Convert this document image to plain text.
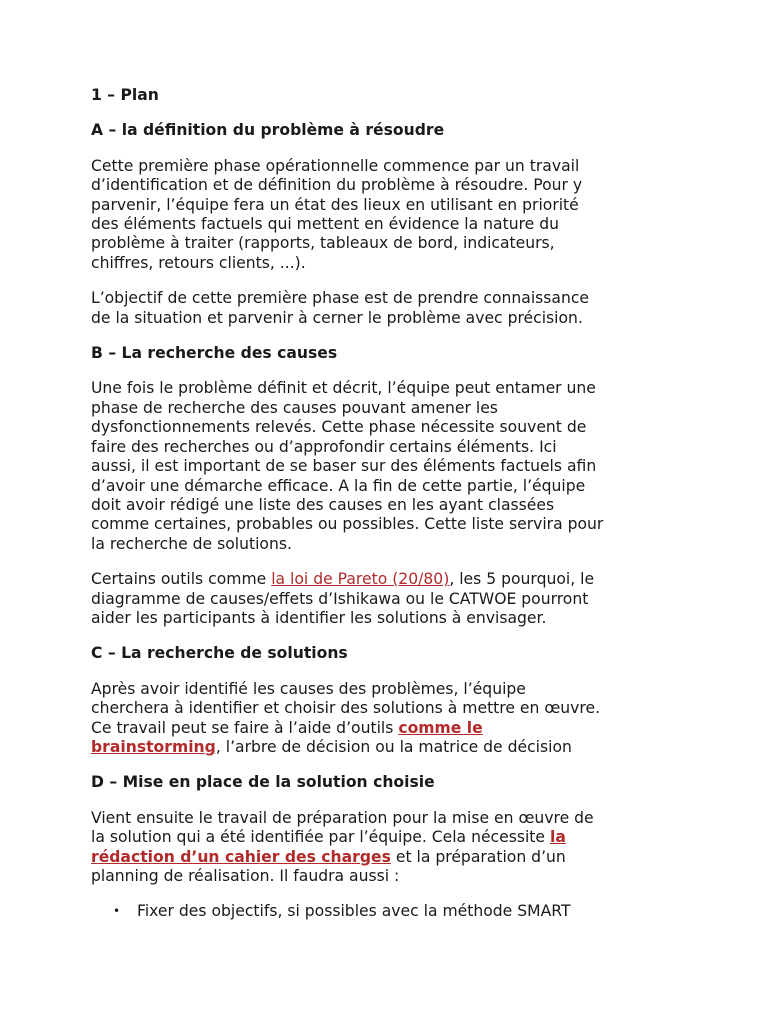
1 – Plan
A – la définition du problème à résoudre

Cette première phase opérationnelle commence par un travail
d’identification et de définition du problème à résoudre. Pour y
parvenir, l’équipe fera un état des lieux en utilisant en priorité
des éléments factuels qui mettent en évidence la nature du
problème à traiter (rapports, tableaux de bord, indicateurs,
chiffres, retours clients, ...).

L’objectif de cette première phase est de prendre connaissance
de la situation et parvenir à cerner le problème avec précision.

B – La recherche des causes

Une fois le problème définit et décrit, l’équipe peut entamer une
phase de recherche des causes pouvant amener les
dysfonctionnements relevés. Cette phase nécessite souvent de
faire des recherches ou d’approfondir certains éléments. Ici
aussi, il est important de se baser sur des éléments factuels afin
d’avoir une démarche efficace. A la fin de cette partie, l’équipe
doit avoir rédigé une liste des causes en les ayant classées
comme certaines, probables ou possibles. Cette liste servira pour
la recherche de solutions.

Certains outils comme la loi de Pareto (20/80), les 5 pourquoi, le
diagramme de causes/effets d’Ishikawa ou le CATWOE pourront
aider les participants à identifier les solutions à envisager.

C – La recherche de solutions

Après avoir identifié les causes des problèmes, l’équipe
cherchera à identifier et choisir des solutions à mettre en œuvre.
Ce travail peut se faire à l’aide d’outils comme le
brainstorming, l’arbre de décision ou la matrice de décision

D – Mise en place de la solution choisie

Vient ensuite le travail de préparation pour la mise en œuvre de
la solution qui a été identifiée par l’équipe. Cela nécessite la
rédaction d’un cahier des charges et la préparation d’un
planning de réalisation. Il faudra aussi :

• Fixer des objectifs, si possibles avec la méthode SMART
